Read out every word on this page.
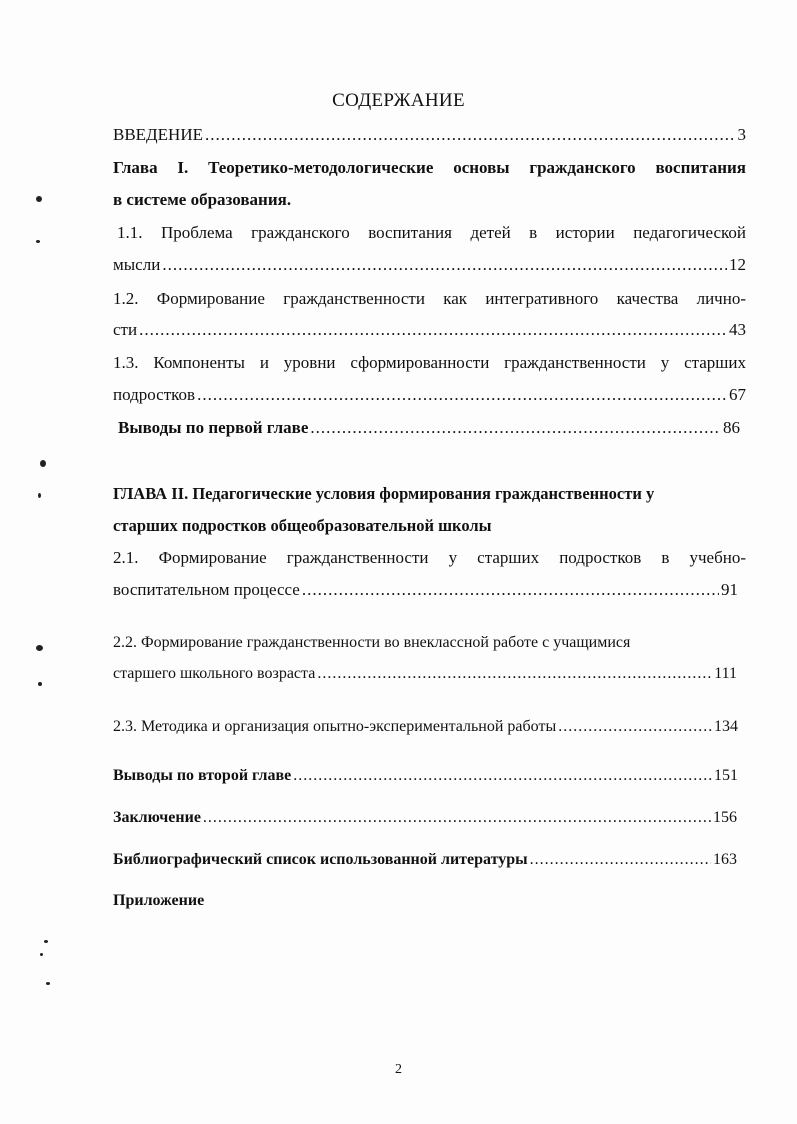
СОДЕРЖАНИЕ
ВВЕДЕНИЕ .....	3
Глава I. Теоретико-методологические основы гражданского воспитания
в системе образования.
1.1. Проблема гражданского воспитания детей в истории педагогической
мысли .....	12
1.2. Формирование гражданственности как интегративного качества лично-
сти .....	43
1.3. Компоненты и уровни сформированности гражданственности у старших
подростков .....	67
Выводы по первой главе .....	86
ГЛАВА II. Педагогические условия формирования гражданственности у
старших подростков общеобразовательной школы
2.1. Формирование гражданственности у старших подростков в учебно-
воспитательном процессе .....	91
2.2. Формирование гражданственности во внеклассной работе с учащимися
старшего школьного возраста .....	111
2.3. Методика и организация опытно-экспериментальной работы .....	134
Выводы по второй главе .....	151
Заключение .....	156
Библиографический список использованной литературы .....	163
Приложение
2
